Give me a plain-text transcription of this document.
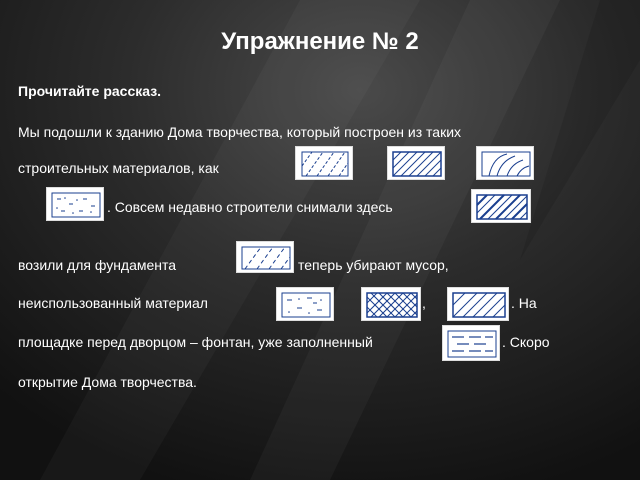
Упражнение № 2
Прочитайте рассказ.
Мы подошли к зданию Дома творчества, который построен из таких
строительных материалов, как
. Совсем недавно строители снимали здесь
возили для фундамента	теперь убирают мусор,
неиспользованный материал	,	. На
площадке перед дворцом – фонтан, уже заполненный	. Скоро
открытие Дома творчества.
